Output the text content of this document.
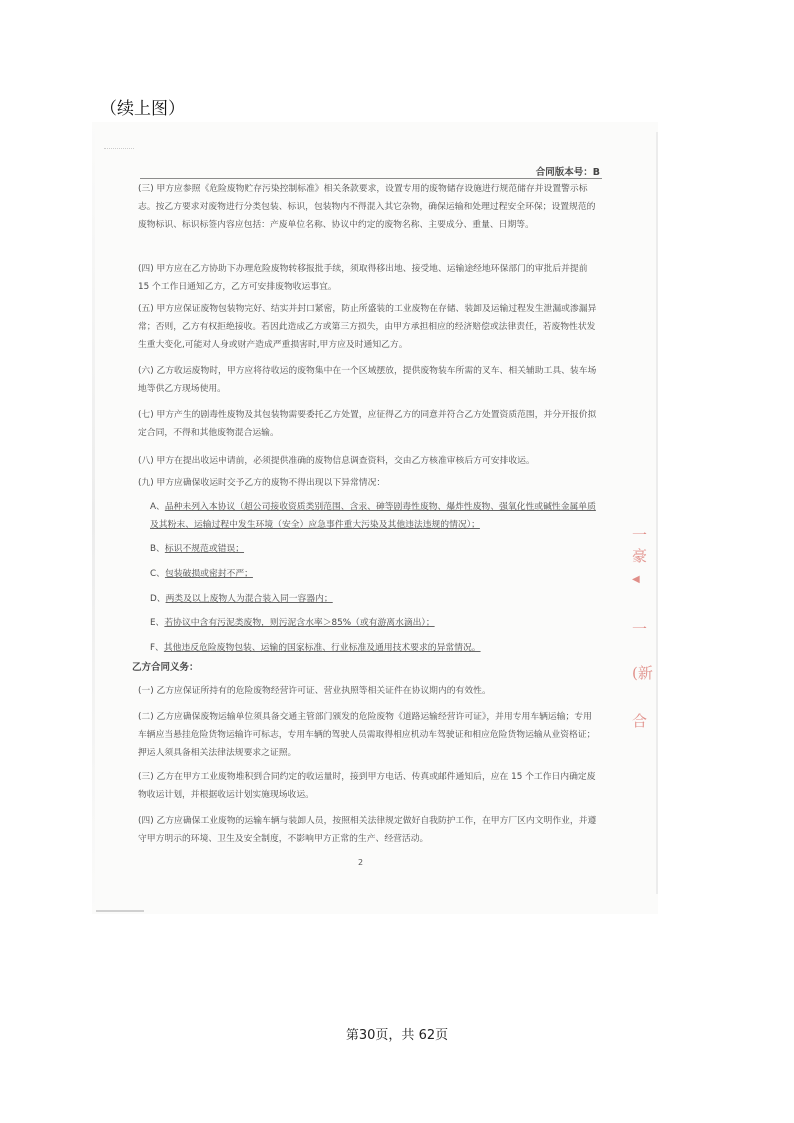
（续上图）
合同版本号：B
(三) 甲方应参照《危险废物贮存污染控制标准》相关条款要求，设置专用的废物储存设施进行规范储存并设置警示标志。按乙方要求对废物进行分类包装、标识，包装物内不得混入其它杂物，确保运输和处理过程安全环保；设置规范的废物标识、标识标签内容应包括：产废单位名称、协议中约定的废物名称、主要成分、重量、日期等。
(四) 甲方应在乙方协助下办理危险废物转移报批手续，须取得移出地、接受地、运输途经地环保部门的审批后并提前 15 个工作日通知乙方，乙方可安排废物收运事宜。
(五) 甲方应保证废物包装物完好、结实并封口紧密，防止所盛装的工业废物在存储、装卸及运输过程发生泄漏或渗漏异常；否则，乙方有权拒绝接收。若因此造成乙方或第三方损失，由甲方承担相应的经济赔偿或法律责任，若废物性状发生重大变化,可能对人身或财产造成严重损害时,甲方应及时通知乙方。
(六) 乙方收运废物时，甲方应将待收运的废物集中在一个区域摆放，提供废物装车所需的叉车、相关辅助工具、装车场地等供乙方现场使用。
(七) 甲方产生的剧毒性废物及其包装物需要委托乙方处置，应征得乙方的同意并符合乙方处置资质范围，并分开报价拟定合同，不得和其他废物混合运输。
(八) 甲方在提出收运申请前，必须提供准确的废物信息调查资料，交由乙方核准审核后方可安排收运。
(九) 甲方应确保收运时交予乙方的废物不得出现以下异常情况：
A、品种未列入本协议（超公司接收资质类别范围、含汞、砷等剧毒性废物、爆炸性废物、强氧化性或碱性金属单质及其粉末、运输过程中发生环境（安全）应急事件重大污染及其他违法违规的情况）；
B、标识不规范或错误；
C、包装破损或密封不严；
D、两类及以上废物人为混合装入同一容器内；
E、若协议中含有污泥类废物，则污泥含水率＞85%（或有游离水滴出）；
F、其他违反危险废物包装、运输的国家标准、行业标准及通用技术要求的异常情况。
乙方合同义务：
(一) 乙方应保证所持有的危险废物经营许可证、营业执照等相关证件在协议期内的有效性。
(二) 乙方应确保废物运输单位须具备交通主管部门颁发的危险废物《道路运输经营许可证》，并用专用车辆运输；专用车辆应当悬挂危险货物运输许可标志，专用车辆的驾驶人员需取得相应机动车驾驶证和相应危险货物运输从业资格证；押运人须具备相关法律法规要求之证照。
(三) 乙方在甲方工业废物堆积到合同约定的收运量时，接到甲方电话、传真或邮件通知后，应在 15 个工作日内确定废物收运计划，并根据收运计划实施现场收运。
(四) 乙方应确保工业废物的运输车辆与装卸人员，按照相关法律规定做好自我防护工作，在甲方厂区内文明作业，并遵守甲方明示的环境、卫生及安全制度，不影响甲方正常的生产、经营活动。
2
一豪
◀
一
(新
合
第30页，共 62页
